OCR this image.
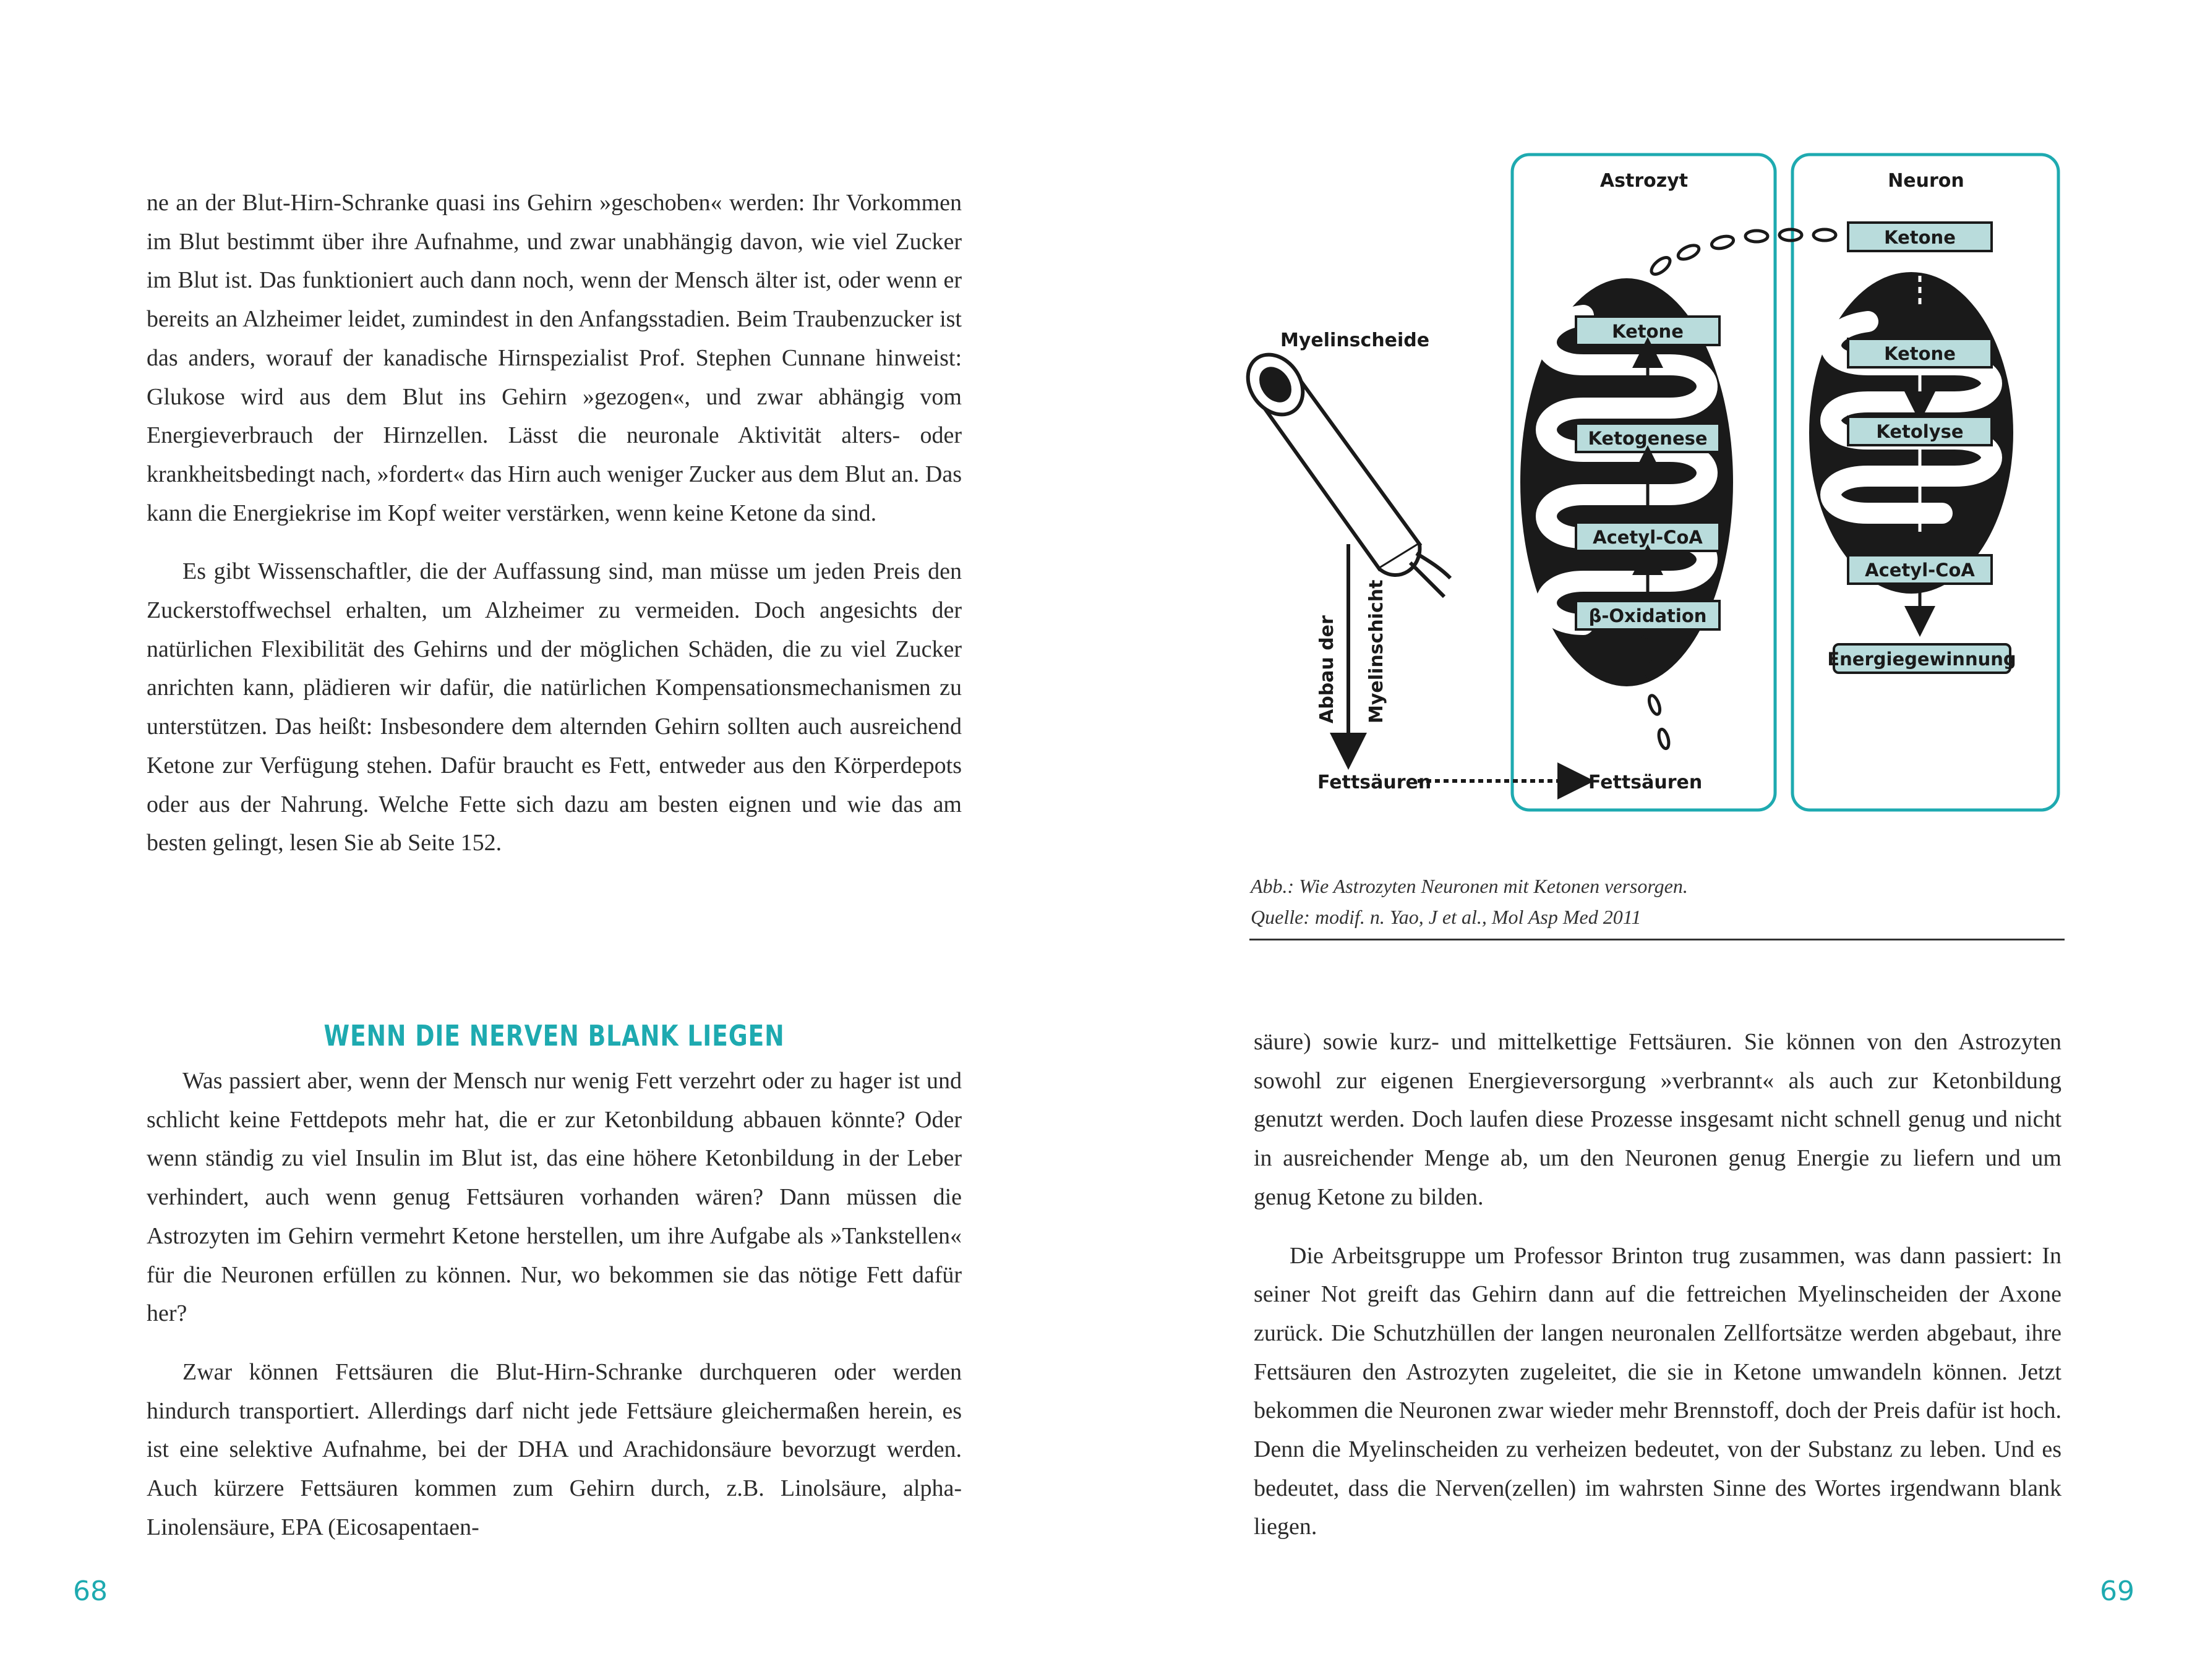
ne an der Blut-Hirn-Schranke quasi ins Gehirn »geschoben« werden: Ihr Vorkommen im Blut bestimmt über ihre Aufnahme, und zwar unabhängig davon, wie viel Zucker im Blut ist. Das funktioniert auch dann noch, wenn der Mensch älter ist, oder wenn er bereits an Alzheimer leidet, zumindest in den Anfangsstadien. Beim Traubenzucker ist das anders, worauf der kanadische Hirnspezialist Prof. Stephen Cunnane hinweist: Glukose wird aus dem Blut ins Gehirn »gezogen«, und zwar abhängig vom Energieverbrauch der Hirnzellen. Lässt die neuronale Aktivität alters- oder krankheitsbedingt nach, »fordert« das Hirn auch weniger Zucker aus dem Blut an. Das kann die Energiekrise im Kopf weiter verstärken, wenn keine Ketone da sind.

Es gibt Wissenschaftler, die der Auffassung sind, man müsse um jeden Preis den Zuckerstoffwechsel erhalten, um Alzheimer zu vermeiden. Doch angesichts der natürlichen Flexibilität des Gehirns und der möglichen Schäden, die zu viel Zucker anrichten kann, plädieren wir dafür, die natürlichen Kompensationsmechanismen zu unterstützen. Das heißt: Insbesondere dem alternden Gehirn sollten auch ausreichend Ketone zur Verfügung stehen. Dafür braucht es Fett, entweder aus den Körperdepots oder aus der Nahrung. Welche Fette sich dazu am besten eignen und wie das am besten gelingt, lesen Sie ab Seite 152.

WENN DIE NERVEN BLANK LIEGEN

Was passiert aber, wenn der Mensch nur wenig Fett verzehrt oder zu hager ist und schlicht keine Fettdepots mehr hat, die er zur Ketonbildung abbauen könnte? Oder wenn ständig zu viel Insulin im Blut ist, das eine höhere Ketonbildung in der Leber verhindert, auch wenn genug Fettsäuren vorhanden wären? Dann müssen die Astrozyten im Gehirn vermehrt Ketone herstellen, um ihre Aufgabe als »Tankstellen« für die Neuronen erfüllen zu können. Nur, wo bekommen sie das nötige Fett dafür her?

Zwar können Fettsäuren die Blut-Hirn-Schranke durchqueren oder werden hindurch transportiert. Allerdings darf nicht jede Fettsäure gleichermaßen herein, es ist eine selektive Aufnahme, bei der DHA und Arachidonsäure bevorzugt werden. Auch kürzere Fettsäuren kommen zum Gehirn durch, z.B. Linolsäure, alpha-Linolensäure, EPA (Eicosapentaen-

68
Astrozyt	Neuron
Ketone
Ketogenese
Acetyl-CoA
β-Oxidation
Ketone
Ketone
Ketolyse
Acetyl-CoA
Energiegewinnung
Myelinscheide
Abbau der Myelinschicht
Fettsäuren	Fettsäuren
Abb.: Wie Astrozyten Neuronen mit Ketonen versorgen.
Quelle: modif. n. Yao, J et al., Mol Asp Med 2011

säure) sowie kurz- und mittelkettige Fettsäuren. Sie können von den Astrozyten sowohl zur eigenen Energieversorgung »verbrannt« als auch zur Ketonbildung genutzt werden. Doch laufen diese Prozesse insgesamt nicht schnell genug und nicht in ausreichender Menge ab, um den Neuronen genug Energie zu liefern und um genug Ketone zu bilden.

Die Arbeitsgruppe um Professor Brinton trug zusammen, was dann passiert: In seiner Not greift das Gehirn dann auf die fettreichen Myelinscheiden der Axone zurück. Die Schutzhüllen der langen neuronalen Zellfortsätze werden abgebaut, ihre Fettsäuren den Astrozyten zugeleitet, die sie in Ketone umwandeln können. Jetzt bekommen die Neuronen zwar wieder mehr Brennstoff, doch der Preis dafür ist hoch. Denn die Myelinscheiden zu verheizen bedeutet, von der Substanz zu leben. Und es bedeutet, dass die Nerven(zellen) im wahrsten Sinne des Wortes irgendwann blank liegen.

69
